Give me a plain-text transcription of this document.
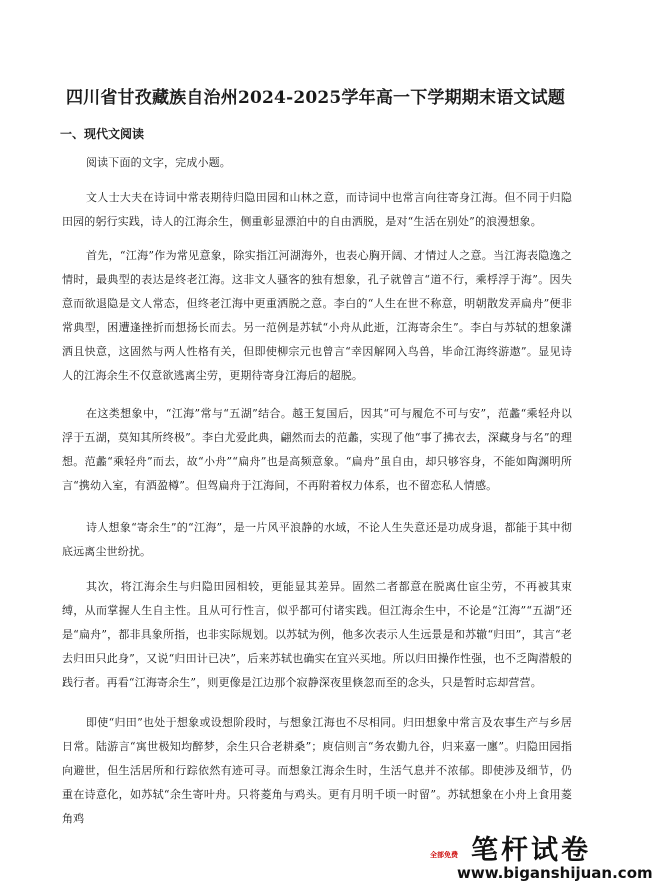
四川省甘孜藏族自治州2024-2025学年高一下学期期末语文试题
一、现代文阅读
阅读下面的文字，完成小题。
文人士大夫在诗词中常表期待归隐田园和山林之意，而诗词中也常言向往寄身江海。但不同于归隐田园的躬行实践，诗人的江海余生，侧重彰显漂泊中的自由洒脱，是对“生活在别处”的浪漫想象。
首先，“江海”作为常见意象，除实指江河湖海外，也表心胸开阔、才情过人之意。当江海表隐逸之情时，最典型的表达是终老江海。这非文人骚客的独有想象，孔子就曾言“道不行，乘桴浮于海”。因失意而欲退隐是文人常态，但终老江海中更重洒脱之意。李白的“人生在世不称意，明朝散发弄扁舟”便非常典型，困遭逢挫折而想扬长而去。另一范例是苏轼“小舟从此逝，江海寄余生”。李白与苏轼的想象潇洒且快意，这固然与两人性格有关，但即使柳宗元也曾言“幸因解网入鸟兽，毕命江海终游遨”。显见诗人的江海余生不仅意欲逃离尘劳，更期待寄身江海后的超脱。
在这类想象中，“江海”常与“五湖”结合。越王复国后，因其“可与履危不可与安”，范蠡“乘轻舟以浮于五湖，莫知其所终极”。李白尤爱此典，翩然而去的范蠡，实现了他“事了拂衣去，深藏身与名”的理想。范蠡“乘轻舟”而去，故“小舟”“扁舟”也是高频意象。“扁舟”虽自由，却只够容身，不能如陶渊明所言“携幼入室，有酒盈樽”。但驾扁舟于江海间，不再附着权力体系，也不留恋私人情感。
诗人想象“寄余生”的“江海”，是一片风平浪静的水域，不论人生失意还是功成身退，都能于其中彻底远离尘世纷扰。
其次，将江海余生与归隐田园相较，更能显其差异。固然二者都意在脱离仕宦尘劳，不再被其束缚，从而掌握人生自主性。且从可行性言，似乎都可付诸实践。但江海余生中，不论是“江海”“五湖”还是“扁舟”，都非具象所指，也非实际规划。以苏轼为例，他多次表示人生远景是和苏辙“归田”，其言“老去归田只此身”，又说“归田计已决”，后来苏轼也确实在宜兴买地。所以归田操作性强，也不乏陶潜般的践行者。再看“江海寄余生”，则更像是江边那个寂静深夜里倏忽而至的念头，只是暂时忘却营营。
即使“归田”也处于想象或设想阶段时，与想象江海也不尽相同。归田想象中常言及农事生产与乡居日常。陆游言“寓世极知均醉梦，余生只合老耕桑”；庾信则言“务农勤九谷，归来嘉一廛”。归隐田园指向避世，但生活居所和行踪依然有迹可寻。而想象江海余生时，生活气息并不浓郁。即使涉及细节，仍重在诗意化，如苏轼“余生寄叶舟。只将菱角与鸡头。更有月明千顷一时留”。苏轼想象在小舟上食用菱角鸡
全部免费 笔杆试卷
www.biganshijuan.com
